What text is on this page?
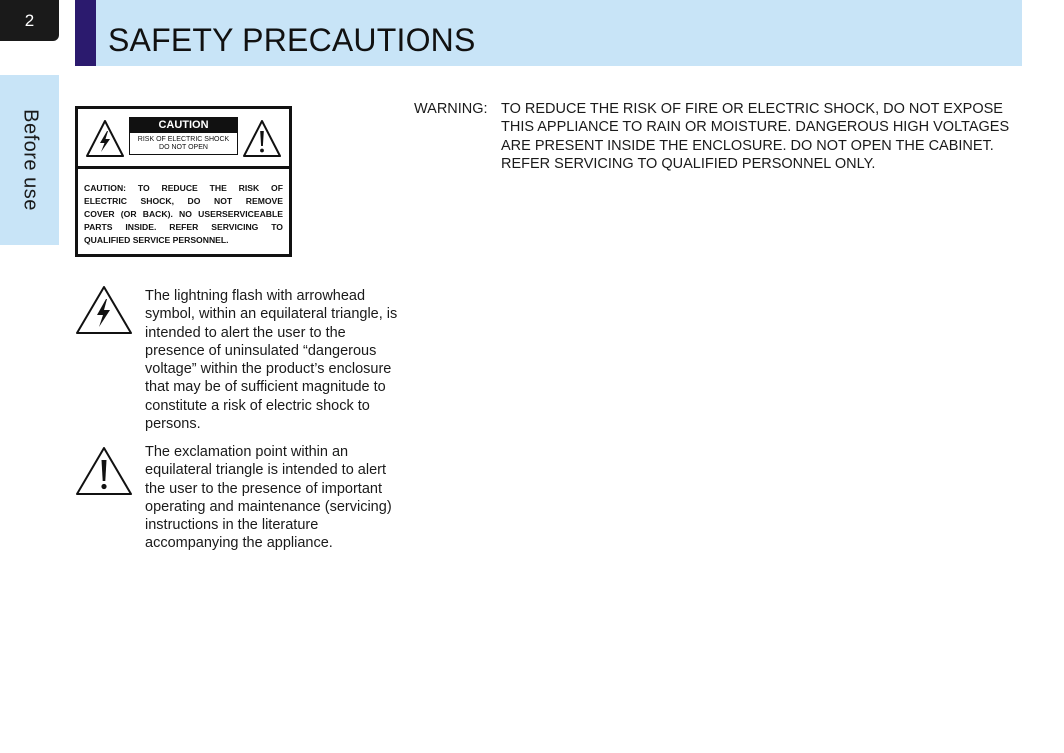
2
Before use
SAFETY PRECAUTIONS
CAUTION
RISK OF ELECTRIC SHOCK
DO NOT OPEN
CAUTION: TO REDUCE THE RISK OF
ELECTRIC SHOCK, DO NOT REMOVE
COVER (OR BACK). NO USERSERVICEABLE
PARTS INSIDE. REFER SERVICING TO
QUALIFIED SERVICE PERSONNEL.

The lightning flash with arrowhead symbol, within an equilateral triangle, is intended to alert the user to the presence of uninsulated “dangerous voltage” within the product’s enclosure that may be of sufficient magnitude to constitute a risk of electric shock to persons.

The exclamation point within an equilateral triangle is intended to alert the user to the presence of important operating and maintenance (servicing) instructions in the literature accompanying the appliance.

WARNING: TO REDUCE THE RISK OF FIRE OR ELECTRIC SHOCK, DO NOT EXPOSE THIS APPLIANCE TO RAIN OR MOISTURE. DANGEROUS HIGH VOLTAGES ARE PRESENT INSIDE THE ENCLOSURE. DO NOT OPEN THE CABINET. REFER SERVICING TO QUALIFIED PERSONNEL ONLY.
